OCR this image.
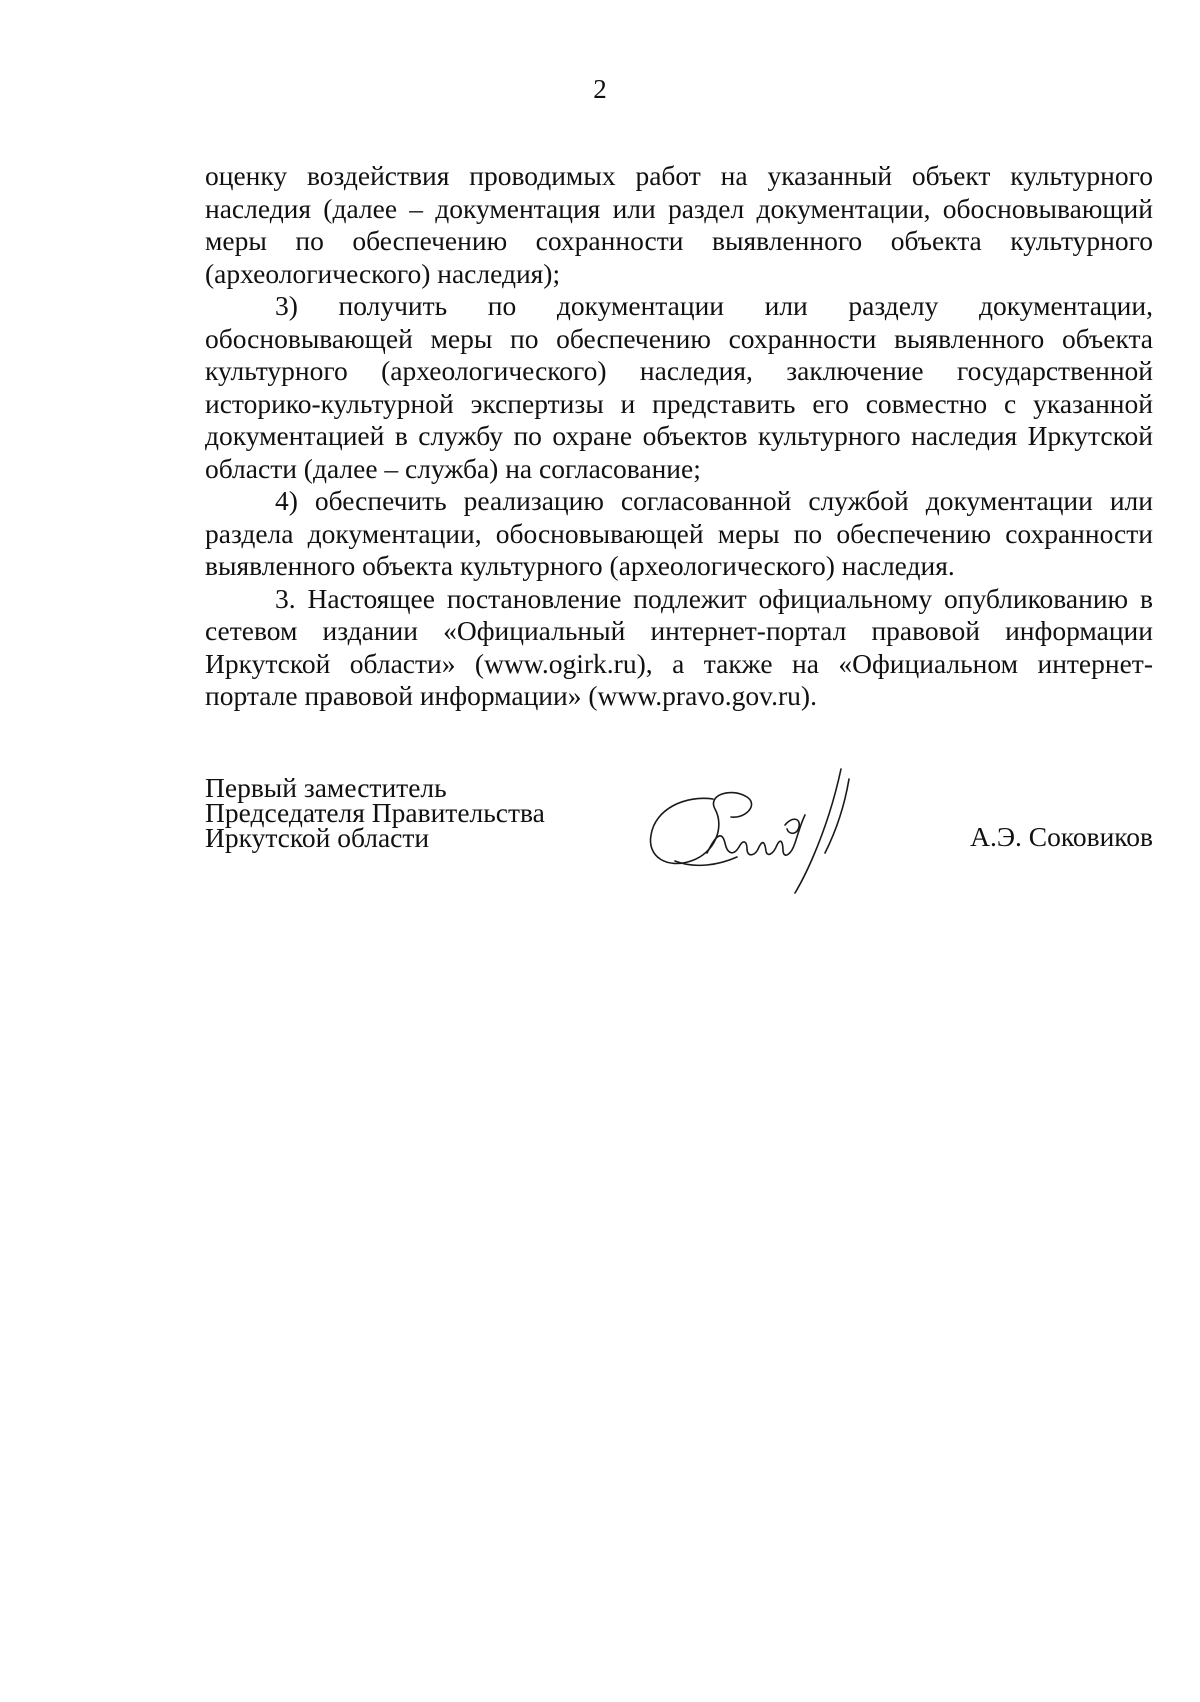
2

оценку воздействия проводимых работ на указанный объект культурного наследия (далее – документация или раздел документации, обосновывающий меры по обеспечению сохранности выявленного объекта культурного (археологического) наследия);

3) получить по документации или разделу документации, обосновывающей меры по обеспечению сохранности выявленного объекта культурного (археологического) наследия, заключение государственной историко-культурной экспертизы и представить его совместно с указанной документацией в службу по охране объектов культурного наследия Иркутской области (далее – служба) на согласование;

4) обеспечить реализацию согласованной службой документации или раздела документации, обосновывающей меры по обеспечению сохранности выявленного объекта культурного (археологического) наследия.

3. Настоящее постановление подлежит официальному опубликованию в сетевом издании «Официальный интернет-портал правовой информации Иркутской области» (www.ogirk.ru), а также на «Официальном интернет-портале правовой информации» (www.pravo.gov.ru).

Первый заместитель
Председателя Правительства
Иркутской области	А.Э. Соковиков
